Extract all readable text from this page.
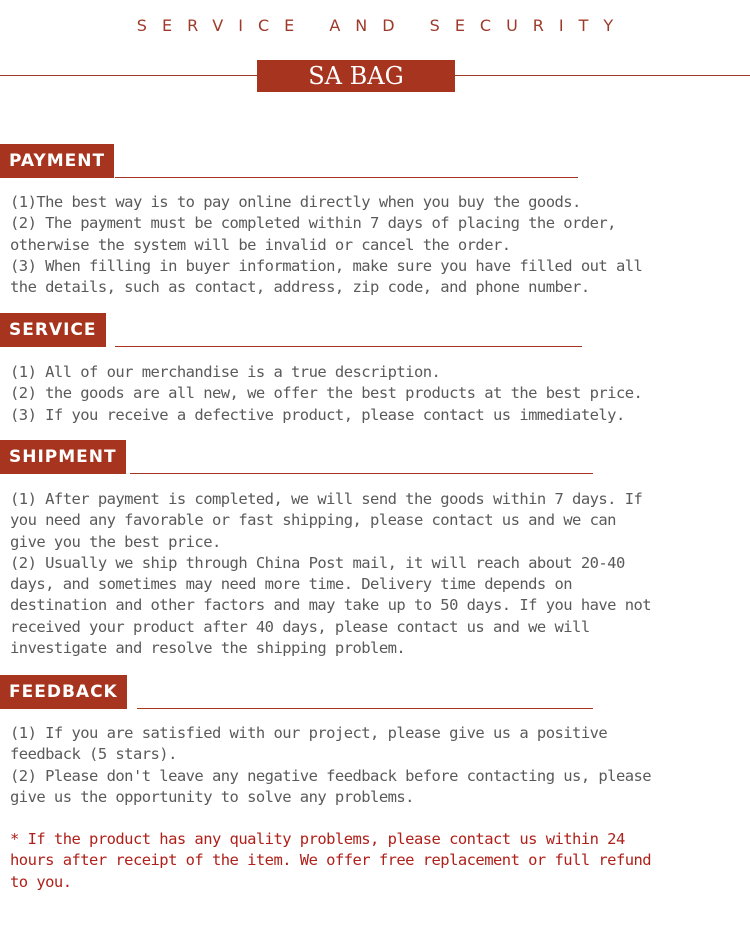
SERVICE AND SECURITY
SA BAG
PAYMENT
(1)The best way is to pay online directly when you buy the goods.
(2) The payment must be completed within 7 days of placing the order,
otherwise the system will be invalid or cancel the order.
(3) When filling in buyer information, make sure you have filled out all
the details, such as contact, address, zip code, and phone number.
SERVICE
(1) All of our merchandise is a true description.
(2) the goods are all new, we offer the best products at the best price.
(3) If you receive a defective product, please contact us immediately.
SHIPMENT
(1) After payment is completed, we will send the goods within 7 days. If
you need any favorable or fast shipping, please contact us and we can
give you the best price.
(2) Usually we ship through China Post mail, it will reach about 20-40
days, and sometimes may need more time. Delivery time depends on
destination and other factors and may take up to 50 days. If you have not
received your product after 40 days, please contact us and we will
investigate and resolve the shipping problem.
FEEDBACK
(1) If you are satisfied with our project, please give us a positive
feedback (5 stars).
(2) Please don't leave any negative feedback before contacting us, please
give us the opportunity to solve any problems.
* If the product has any quality problems, please contact us within 24
hours after receipt of the item. We offer free replacement or full refund
to you.
